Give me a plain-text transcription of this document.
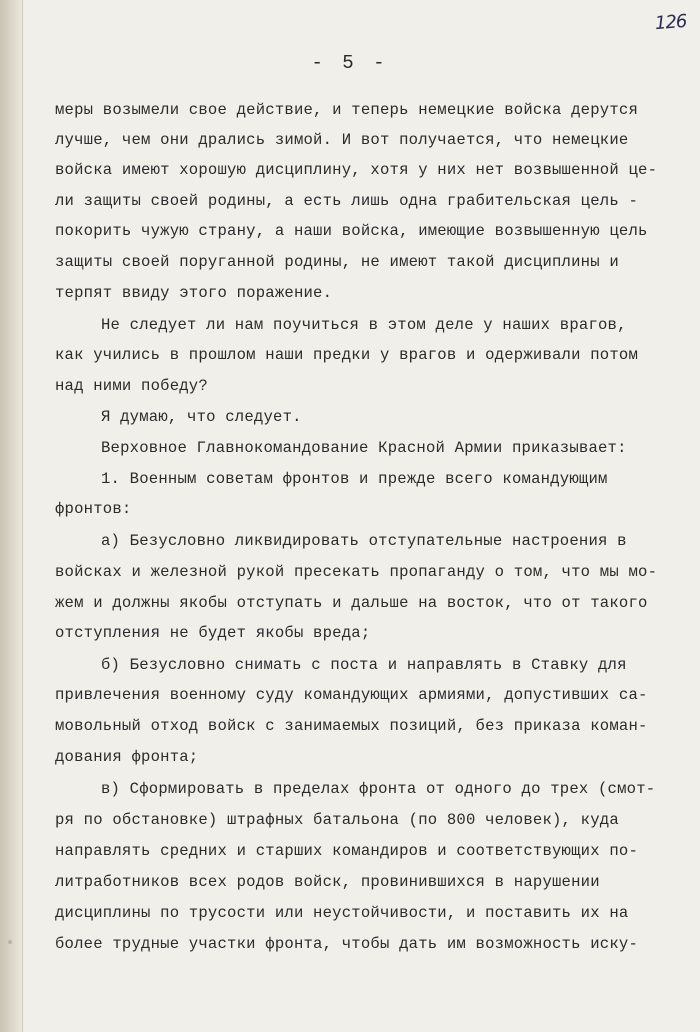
126
- 5 -
меры возымели свое действие, и теперь немецкие войска дерутся
лучше, чем они дрались зимой. И вот получается, что немецкие
войска имеют хорошую дисциплину, хотя у них нет возвышенной це-
ли защиты своей родины, а есть лишь одна грабительская цель -
покорить чужую страну, а наши войска, имеющие возвышенную цель
защиты своей поруганной родины, не имеют такой дисциплины и
терпят ввиду этого поражение.
Не следует ли нам поучиться в этом деле у наших врагов,
как учились в прошлом наши предки у врагов и одерживали потом
над ними победу?
Я думаю, что следует.
Верховное Главнокомандование Красной Армии приказывает:
1. Военным советам фронтов и прежде всего командующим
фронтов:
а) Безусловно ликвидировать отступательные настроения в
войсках и железной рукой пресекать пропаганду о том, что мы мо-
жем и должны якобы отступать и дальше на восток, что от такого
отступления не будет якобы вреда;
б) Безусловно снимать с поста и направлять в Ставку для
привлечения военному суду командующих армиями, допустивших са-
мовольный отход войск с занимаемых позиций, без приказа коман-
дования фронта;
в) Сформировать в пределах фронта от одного до трех (смот-
ря по обстановке) штрафных батальона (по 800 человек), куда
направлять средних и старших командиров и соответствующих по-
литработников всех родов войск, провинившихся в нарушении
дисциплины по трусости или неустойчивости, и поставить их на
более трудные участки фронта, чтобы дать им возможность иску-
